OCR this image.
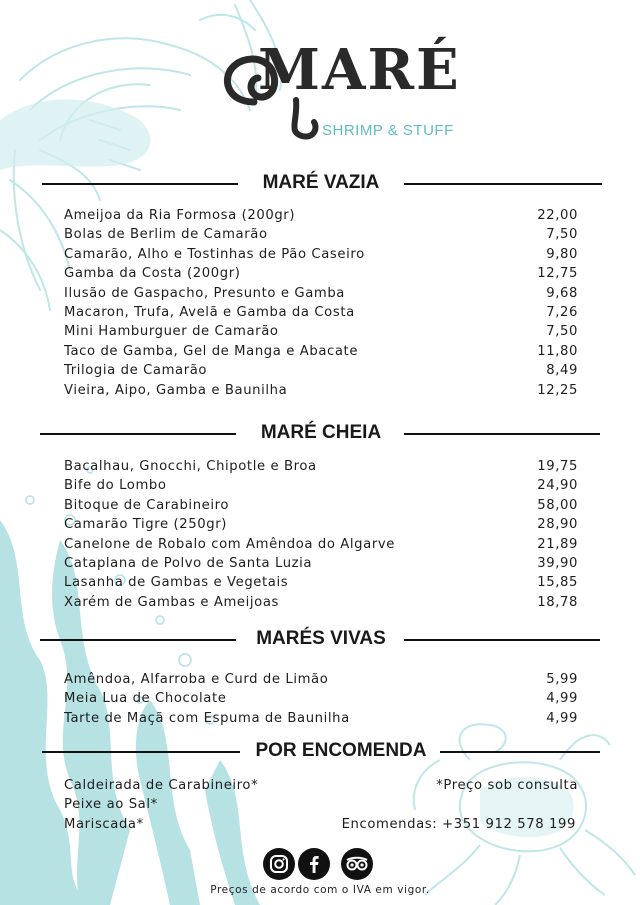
MARÉ
SHRIMP & STUFF
MARÉ VAZIA
Ameijoa da Ria Formosa (200gr)	22,00
Bolas de Berlim de Camarão	7,50
Camarão, Alho e Tostinhas de Pão Caseiro	9,80
Gamba da Costa (200gr)	12,75
Ilusão de Gaspacho, Presunto e Gamba	9,68
Macaron, Trufa, Avelã e Gamba da Costa	7,26
Mini Hamburguer de Camarão	7,50
Taco de Gamba, Gel de Manga e Abacate	11,80
Trilogia de Camarão	8,49
Vieira, Aipo, Gamba e Baunilha	12,25
MARÉ CHEIA
Bacalhau, Gnocchi, Chipotle e Broa	19,75
Bife do Lombo	24,90
Bitoque de Carabineiro	58,00
Camarão Tigre (250gr)	28,90
Canelone de Robalo com Amêndoa do Algarve	21,89
Cataplana de Polvo de Santa Luzia	39,90
Lasanha de Gambas e Vegetais	15,85
Xarém de Gambas e Ameijoas	18,78
MARÉS VIVAS
Amêndoa, Alfarroba e Curd de Limão	5,99
Meia Lua de Chocolate	4,99
Tarte de Maçã com Espuma de Baunilha	4,99
POR ENCOMENDA
Caldeirada de Carabineiro*
Peixe ao Sal*
Mariscada*
*Preço sob consulta
Encomendas: +351 912 578 199
Preços de acordo com o IVA em vigor.
